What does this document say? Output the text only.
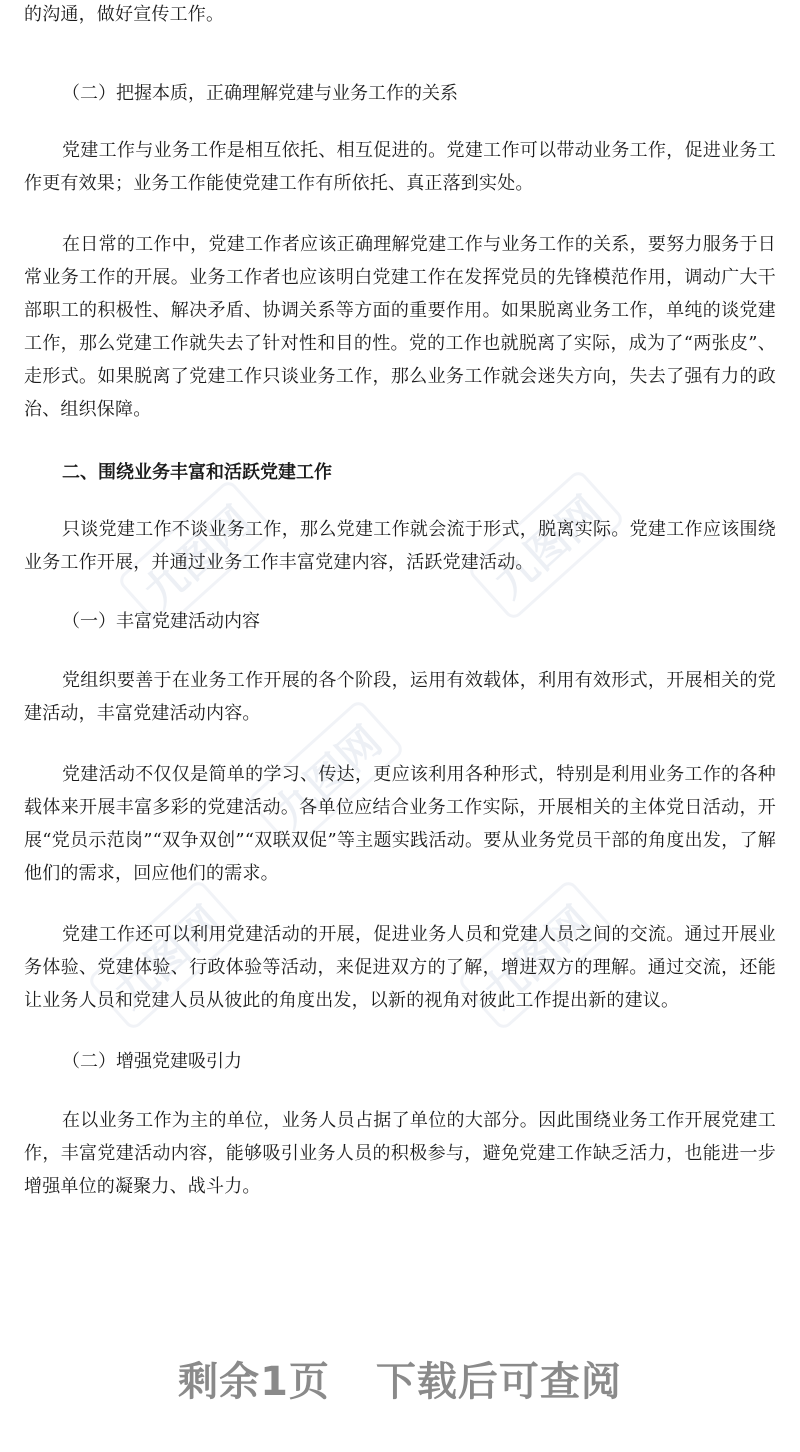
九图网	九图网
九图网
九图网	九图网

的沟通，做好宣传工作。

（二）把握本质，正确理解党建与业务工作的关系

党建工作与业务工作是相互依托、相互促进的。党建工作可以带动业务工作，促进业务工作更有效果；业务工作能使党建工作有所依托、真正落到实处。

在日常的工作中，党建工作者应该正确理解党建工作与业务工作的关系，要努力服务于日常业务工作的开展。业务工作者也应该明白党建工作在发挥党员的先锋模范作用，调动广大干部职工的积极性、解决矛盾、协调关系等方面的重要作用。如果脱离业务工作，单纯的谈党建工作，那么党建工作就失去了针对性和目的性。党的工作也就脱离了实际，成为了“两张皮”、走形式。如果脱离了党建工作只谈业务工作，那么业务工作就会迷失方向，失去了强有力的政治、组织保障。

二、围绕业务丰富和活跃党建工作

只谈党建工作不谈业务工作，那么党建工作就会流于形式，脱离实际。党建工作应该围绕业务工作开展，并通过业务工作丰富党建内容，活跃党建活动。

（一）丰富党建活动内容

党组织要善于在业务工作开展的各个阶段，运用有效载体，利用有效形式，开展相关的党建活动，丰富党建活动内容。

党建活动不仅仅是简单的学习、传达，更应该利用各种形式，特别是利用业务工作的各种载体来开展丰富多彩的党建活动。各单位应结合业务工作实际，开展相关的主体党日活动，开展“党员示范岗”“双争双创”“双联双促”等主题实践活动。要从业务党员干部的角度出发，了解他们的需求，回应他们的需求。

党建工作还可以利用党建活动的开展，促进业务人员和党建人员之间的交流。通过开展业务体验、党建体验、行政体验等活动，来促进双方的了解，增进双方的理解。通过交流，还能让业务人员和党建人员从彼此的角度出发，以新的视角对彼此工作提出新的建议。

（二）增强党建吸引力

在以业务工作为主的单位，业务人员占据了单位的大部分。因此围绕业务工作开展党建工作，丰富党建活动内容，能够吸引业务人员的积极参与，避免党建工作缺乏活力，也能进一步增强单位的凝聚力、战斗力。

剩余1页 下载后可查阅
